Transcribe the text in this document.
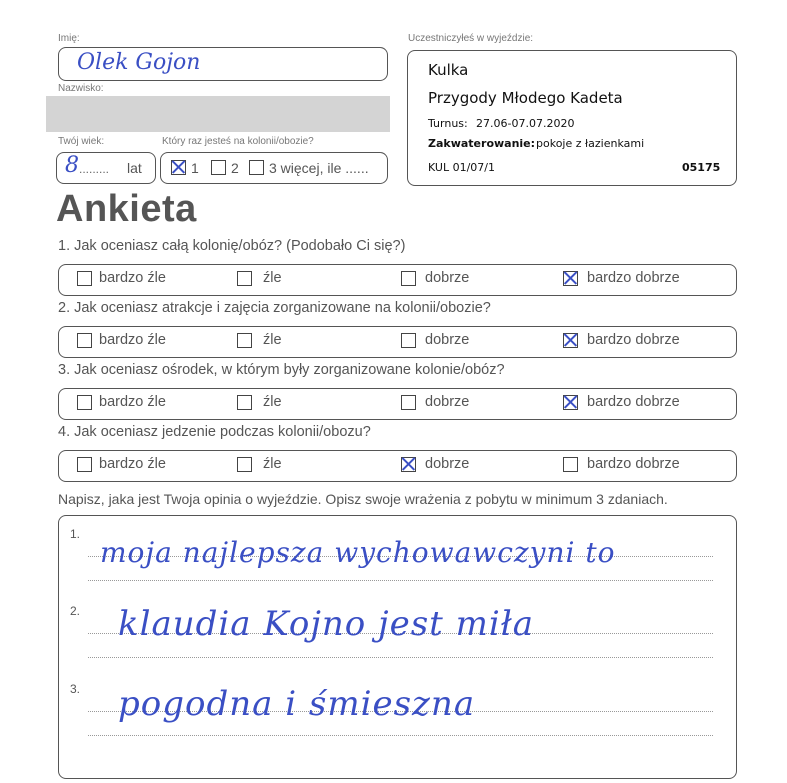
Imię:
Olek Gojon
Nazwisko:
Twój wiek:
8 ......... lat
Który raz jesteś na kolonii/obozie?
1 2 3 więcej, ile ......
Uczestniczyłeś w wyjeździe:
Kulka
Przygody Młodego Kadeta
Turnus: 27.06-07.07.2020
Zakwaterowanie: pokoje z łazienkami
KUL 01/07/1	05175
Ankieta
1. Jak oceniasz całą kolonię/obóz? (Podobało Ci się?)
bardzo źle	źle	dobrze	bardzo dobrze
2. Jak oceniasz atrakcje i zajęcia zorganizowane na kolonii/obozie?
bardzo źle	źle	dobrze	bardzo dobrze
3. Jak oceniasz ośrodek, w którym były zorganizowane kolonie/obóz?
bardzo źle	źle	dobrze	bardzo dobrze
4. Jak oceniasz jedzenie podczas kolonii/obozu?
bardzo źle	źle	dobrze	bardzo dobrze
Napisz, jaka jest Twoja opinia o wyjeździe. Opisz swoje wrażenia z pobytu w minimum 3 zdaniach.
1.
moja najlepsza wychowawczyni to
2. klaudia Kojno jest miła
3. pogodna i śmieszna
